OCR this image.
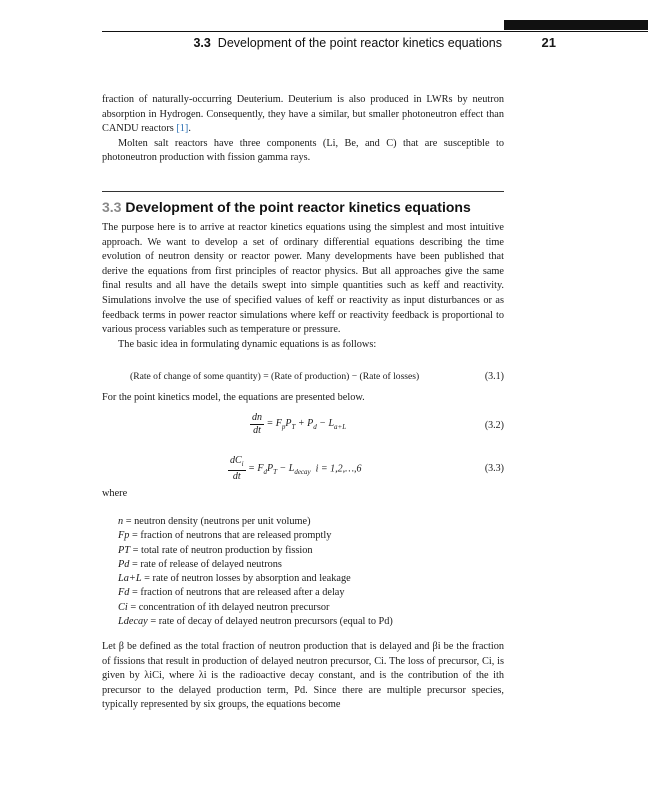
3.3 Development of the point reactor kinetics equations	21

fraction of naturally-occurring Deuterium. Deuterium is also produced in LWRs by neutron absorption in Hydrogen. Consequently, they have a similar, but smaller photoneutron effect than CANDU reactors [1].

Molten salt reactors have three components (Li, Be, and C) that are susceptible to photoneutron production with fission gamma rays.

3.3 Development of the point reactor kinetics equations

The purpose here is to arrive at reactor kinetics equations using the simplest and most intuitive approach. We want to develop a set of ordinary differential equations describing the time evolution of neutron density or reactor power. Many developments have been published that derive the equations from first principles of reactor physics. But all approaches give the same final results and all have the details swept into simple quantities such as keff and reactivity. Simulations involve the use of specified values of keff or reactivity as input disturbances or as feedback terms in power reactor simulations where keff or reactivity feedback is proportional to various process variables such as temperature or pressure.

The basic idea in formulating dynamic equations is as follows:

(Rate of change of some quantity) = (Rate of production) − (Rate of losses)	(3.1)

For the point kinetics model, the equations are presented below.

$\frac{dn}{dt} = F_pP_T + P_d - L_{a+L}$	(3.2)
$\frac{dC_i}{dt} = F_dP_T - L_{decay}$ i = 1,2,…,6	(3.3)
where
n = neutron density (neutrons per unit volume)
Fp = fraction of neutrons that are released promptly
PT = total rate of neutron production by fission
Pd = rate of release of delayed neutrons
La+L = rate of neutron losses by absorption and leakage
Fd = fraction of neutrons that are released after a delay
Ci = concentration of ith delayed neutron precursor
Ldecay = rate of decay of delayed neutron precursors (equal to Pd)

Let β be defined as the total fraction of neutron production that is delayed and βi be the fraction of fissions that result in production of delayed neutron precursor, Ci. The loss of precursor, Ci, is given by λiCi, where λi is the radioactive decay constant, and is the contribution of the ith precursor to the delayed production term, Pd. Since there are multiple precursor species, typically represented by six groups, the equations become
